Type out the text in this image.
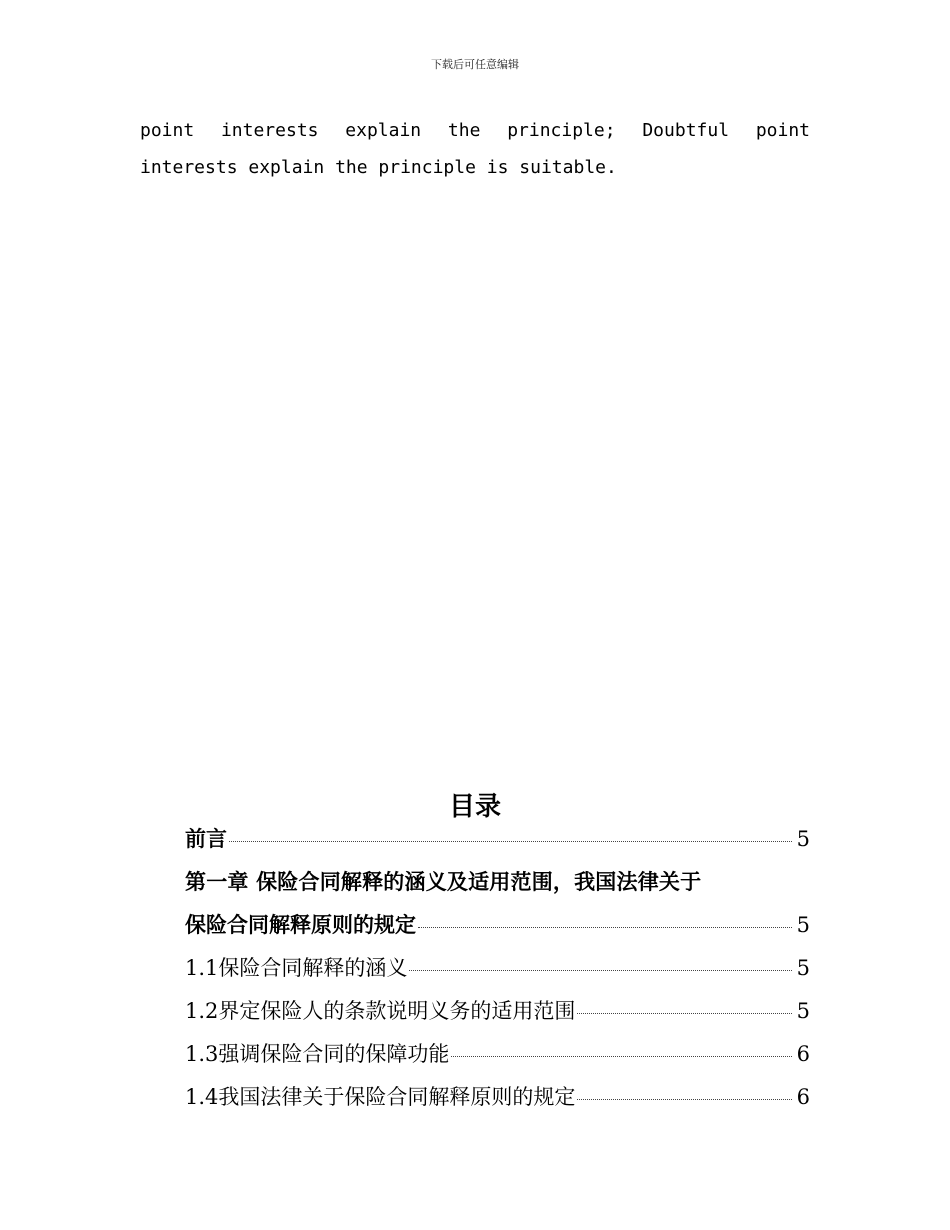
下载后可任意编辑
point interests explain the principle; Doubtful point
interests explain the principle is suitable.
目录
前言	5
第一章 保险合同解释的涵义及适用范围，我国法律关于
保险合同解释原则的规定	5
1.1保险合同解释的涵义	5
1.2界定保险人的条款说明义务的适用范围	5
1.3强调保险合同的保障功能	6
1.4我国法律关于保险合同解释原则的规定	6
